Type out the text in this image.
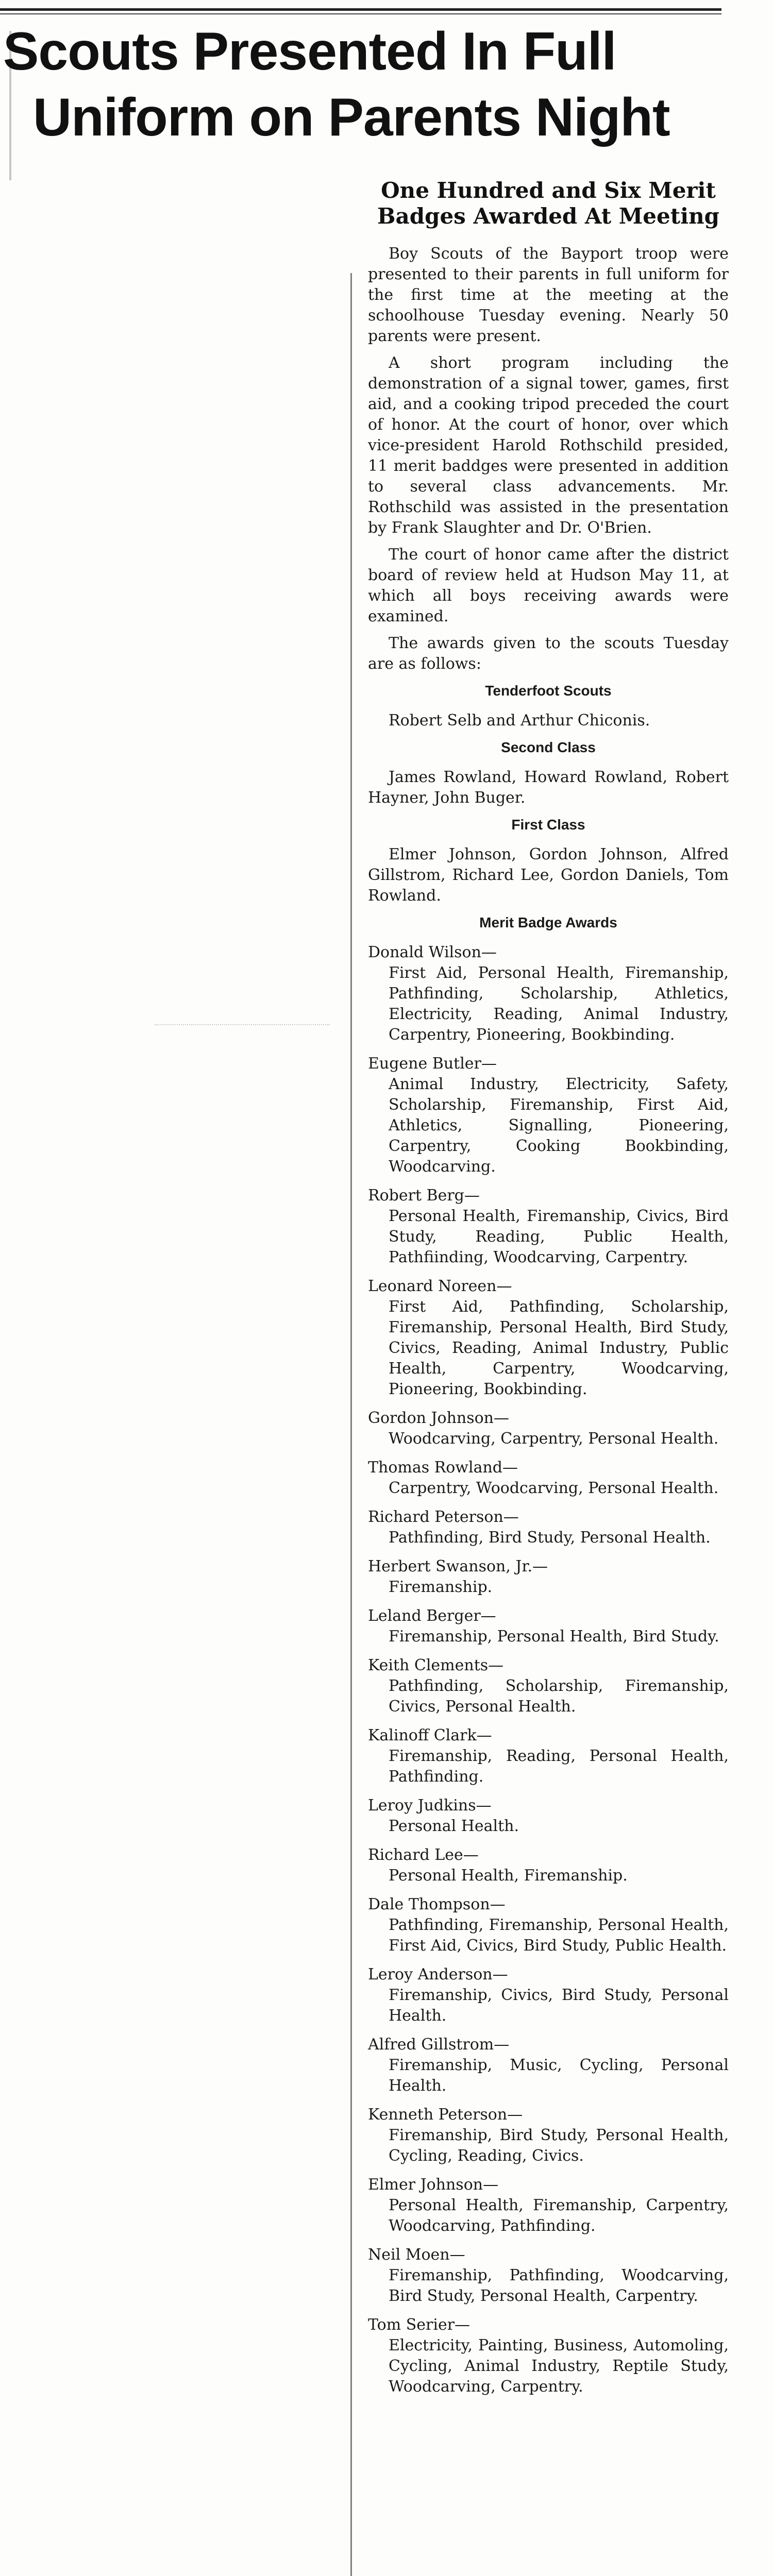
Scouts Presented In Full
Uniform on Parents Night

One Hundred and Six Merit Badges Awarded At Meeting

Boy Scouts of the Bayport troop were presented to their parents in full uniform for the first time at the meeting at the schoolhouse Tuesday evening. Nearly 50 parents were present.

A short program including the demonstration of a signal tower, games, first aid, and a cooking tripod preceded the court of honor. At the court of honor, over which vice-president Harold Rothschild presided, 11 merit baddges were presented in addition to several class advancements. Mr. Rothschild was assisted in the presentation by Frank Slaughter and Dr. O'Brien.

The court of honor came after the district board of review held at Hudson May 11, at which all boys receiving awards were examined.

The awards given to the scouts Tuesday are as follows:

Tenderfoot Scouts

Robert Selb and Arthur Chiconis.

Second Class

James Rowland, Howard Rowland, Robert Hayner, John Buger.

First Class

Elmer Johnson, Gordon Johnson, Alfred Gillstrom, Richard Lee, Gordon Daniels, Tom Rowland.

Merit Badge Awards

Donald Wilson—
First Aid, Personal Health, Firemanship, Pathfinding, Scholarship, Athletics, Electricity, Reading, Animal Industry, Carpentry, Pioneering, Bookbinding.
Eugene Butler—
Animal Industry, Electricity, Safety, Scholarship, Firemanship, First Aid, Athletics, Signalling, Pioneering, Carpentry, Cooking Bookbinding, Woodcarving.
Robert Berg—
Personal Health, Firemanship, Civics, Bird Study, Reading, Public Health, Pathfiinding, Woodcarving, Carpentry.
Leonard Noreen—
First Aid, Pathfinding, Scholarship, Firemanship, Personal Health, Bird Study, Civics, Reading, Animal Industry, Public Health, Carpentry, Woodcarving, Pioneering, Bookbinding.
Gordon Johnson—
Woodcarving, Carpentry, Personal Health.
Thomas Rowland—
Carpentry, Woodcarving, Personal Health.
Richard Peterson—
Pathfinding, Bird Study, Personal Health.
Herbert Swanson, Jr.—
Firemanship.
Leland Berger—
Firemanship, Personal Health, Bird Study.
Keith Clements—
Pathfinding, Scholarship, Firemanship, Civics, Personal Health.
Kalinoff Clark—
Firemanship, Reading, Personal Health, Pathfinding.
Leroy Judkins—
Personal Health.
Richard Lee—
Personal Health, Firemanship.
Dale Thompson—
Pathfinding, Firemanship, Personal Health, First Aid, Civics, Bird Study, Public Health.
Leroy Anderson—
Firemanship, Civics, Bird Study, Personal Health.
Alfred Gillstrom—
Firemanship, Music, Cycling, Personal Health.
Kenneth Peterson—
Firemanship, Bird Study, Personal Health, Cycling, Reading, Civics.
Elmer Johnson—
Personal Health, Firemanship, Carpentry, Woodcarving, Pathfinding.
Neil Moen—
Firemanship, Pathfinding, Woodcarving, Bird Study, Personal Health, Carpentry.
Tom Serier—
Electricity, Painting, Business, Automoling, Cycling, Animal Industry, Reptile Study, Woodcarving, Carpentry.
